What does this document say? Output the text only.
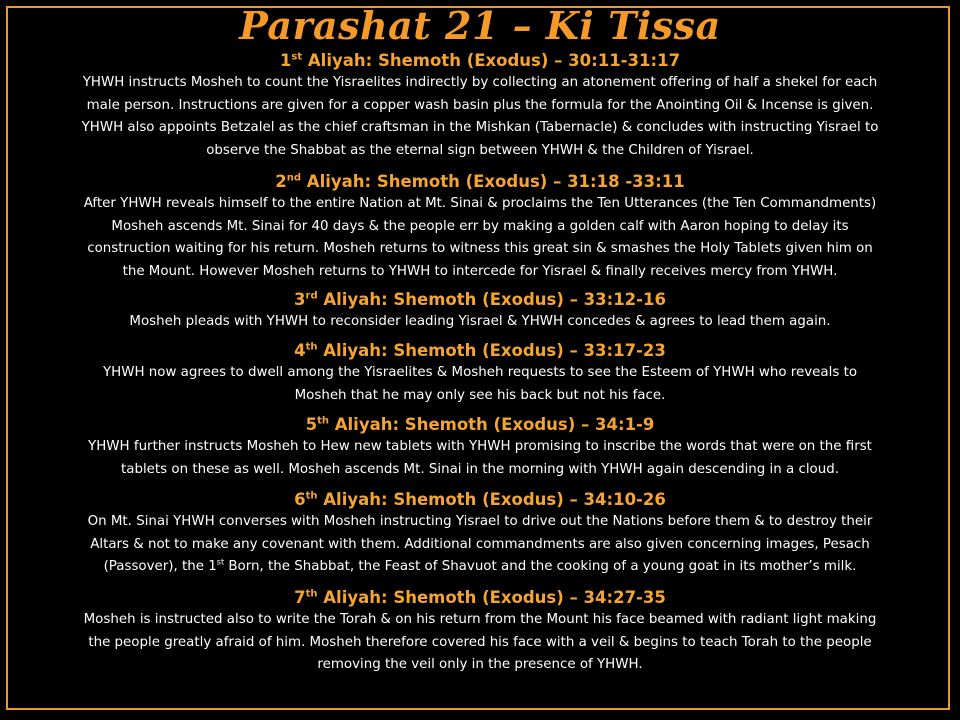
Parashat 21 – Ki Tissa
1st Aliyah: Shemoth (Exodus) – 30:11-31:17
YHWH instructs Mosheh to count the Yisraelites indirectly by collecting an atonement offering of half a shekel for each
male person. Instructions are given for a copper wash basin plus the formula for the Anointing Oil & Incense is given.
YHWH also appoints Betzalel as the chief craftsman in the Mishkan (Tabernacle) & concludes with instructing Yisrael to
observe the Shabbat as the eternal sign between YHWH & the Children of Yisrael.
2nd Aliyah: Shemoth (Exodus) – 31:18 -33:11
After YHWH reveals himself to the entire Nation at Mt. Sinai & proclaims the Ten Utterances (the Ten Commandments)
Mosheh ascends Mt. Sinai for 40 days & the people err by making a golden calf with Aaron hoping to delay its
construction waiting for his return. Mosheh returns to witness this great sin & smashes the Holy Tablets given him on
the Mount. However Mosheh returns to YHWH to intercede for Yisrael & finally receives mercy from YHWH.
3rd Aliyah: Shemoth (Exodus) – 33:12-16
Mosheh pleads with YHWH to reconsider leading Yisrael & YHWH concedes & agrees to lead them again.
4th Aliyah: Shemoth (Exodus) – 33:17-23
YHWH now agrees to dwell among the Yisraelites & Mosheh requests to see the Esteem of YHWH who reveals to
Mosheh that he may only see his back but not his face.
5th Aliyah: Shemoth (Exodus) – 34:1-9
YHWH further instructs Mosheh to Hew new tablets with YHWH promising to inscribe the words that were on the first
tablets on these as well. Mosheh ascends Mt. Sinai in the morning with YHWH again descending in a cloud.
6th Aliyah: Shemoth (Exodus) – 34:10-26
On Mt. Sinai YHWH converses with Mosheh instructing Yisrael to drive out the Nations before them & to destroy their
Altars & not to make any covenant with them. Additional commandments are also given concerning images, Pesach
(Passover), the 1st Born, the Shabbat, the Feast of Shavuot and the cooking of a young goat in its mother’s milk.
7th Aliyah: Shemoth (Exodus) – 34:27-35
Mosheh is instructed also to write the Torah & on his return from the Mount his face beamed with radiant light making
the people greatly afraid of him. Mosheh therefore covered his face with a veil & begins to teach Torah to the people
removing the veil only in the presence of YHWH.
